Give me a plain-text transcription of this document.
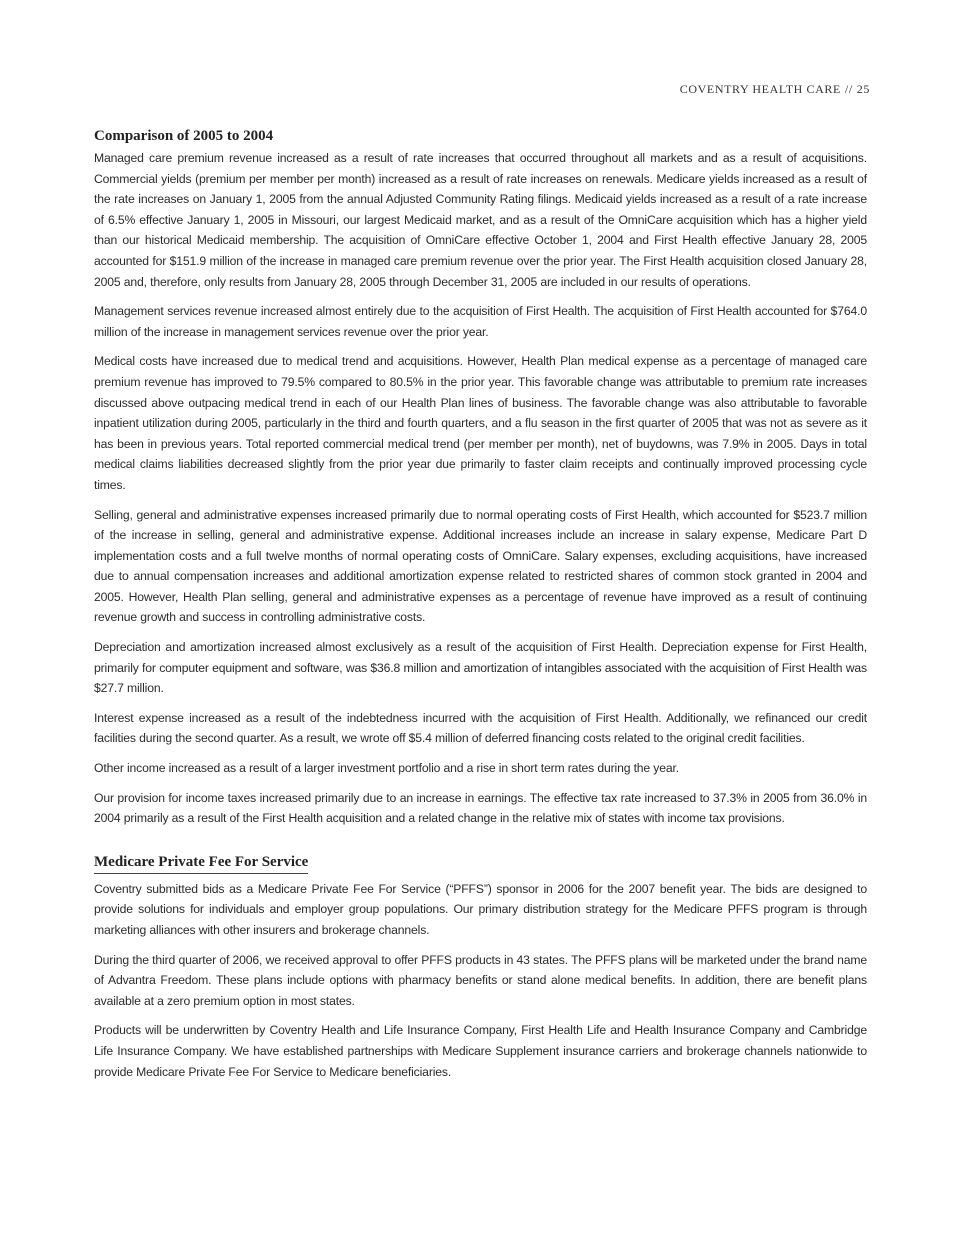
COVENTRY HEALTH CARE // 25
Comparison of 2005 to 2004

Managed care premium revenue increased as a result of rate increases that occurred throughout all markets and as a result of acquisitions. Commercial yields (premium per member per month) increased as a result of rate increases on renewals. Medicare yields increased as a result of the rate increases on January 1, 2005 from the annual Adjusted Community Rating filings. Medicaid yields increased as a result of a rate increase of 6.5% effective January 1, 2005 in Missouri, our largest Medicaid market, and as a result of the OmniCare acquisition which has a higher yield than our historical Medicaid membership. The acquisition of OmniCare effective October 1, 2004 and First Health effective January 28, 2005 accounted for $151.9 million of the increase in managed care premium revenue over the prior year. The First Health acquisition closed January 28, 2005 and, therefore, only results from January 28, 2005 through December 31, 2005 are included in our results of operations.

Management services revenue increased almost entirely due to the acquisition of First Health. The acquisition of First Health accounted for $764.0 million of the increase in management services revenue over the prior year.

Medical costs have increased due to medical trend and acquisitions. However, Health Plan medical expense as a percentage of managed care premium revenue has improved to 79.5% compared to 80.5% in the prior year. This favorable change was attributable to premium rate increases discussed above outpacing medical trend in each of our Health Plan lines of business. The favorable change was also attributable to favorable inpatient utilization during 2005, particularly in the third and fourth quarters, and a flu season in the first quarter of 2005 that was not as severe as it has been in previous years. Total reported commercial medical trend (per member per month), net of buydowns, was 7.9% in 2005. Days in total medical claims liabilities decreased slightly from the prior year due primarily to faster claim receipts and continually improved processing cycle times.

Selling, general and administrative expenses increased primarily due to normal operating costs of First Health, which accounted for $523.7 million of the increase in selling, general and administrative expense. Additional increases include an increase in salary expense, Medicare Part D implementation costs and a full twelve months of normal operating costs of OmniCare. Salary expenses, excluding acquisitions, have increased due to annual compensation increases and additional amortization expense related to restricted shares of common stock granted in 2004 and 2005. However, Health Plan selling, general and administrative expenses as a percentage of revenue have improved as a result of continuing revenue growth and success in controlling administrative costs.

Depreciation and amortization increased almost exclusively as a result of the acquisition of First Health. Depreciation expense for First Health, primarily for computer equipment and software, was $36.8 million and amortization of intangibles associated with the acquisition of First Health was $27.7 million.

Interest expense increased as a result of the indebtedness incurred with the acquisition of First Health. Additionally, we refinanced our credit facilities during the second quarter. As a result, we wrote off $5.4 million of deferred financing costs related to the original credit facilities.

Other income increased as a result of a larger investment portfolio and a rise in short term rates during the year.

Our provision for income taxes increased primarily due to an increase in earnings. The effective tax rate increased to 37.3% in 2005 from 36.0% in 2004 primarily as a result of the First Health acquisition and a related change in the relative mix of states with income tax provisions.

Medicare Private Fee For Service

Coventry submitted bids as a Medicare Private Fee For Service (“PFFS”) sponsor in 2006 for the 2007 benefit year. The bids are designed to provide solutions for individuals and employer group populations. Our primary distribution strategy for the Medicare PFFS program is through marketing alliances with other insurers and brokerage channels.

During the third quarter of 2006, we received approval to offer PFFS products in 43 states. The PFFS plans will be marketed under the brand name of Advantra Freedom. These plans include options with pharmacy benefits or stand alone medical benefits. In addition, there are benefit plans available at a zero premium option in most states.

Products will be underwritten by Coventry Health and Life Insurance Company, First Health Life and Health Insurance Company and Cambridge Life Insurance Company. We have established partnerships with Medicare Supplement insurance carriers and brokerage channels nationwide to provide Medicare Private Fee For Service to Medicare beneficiaries.
